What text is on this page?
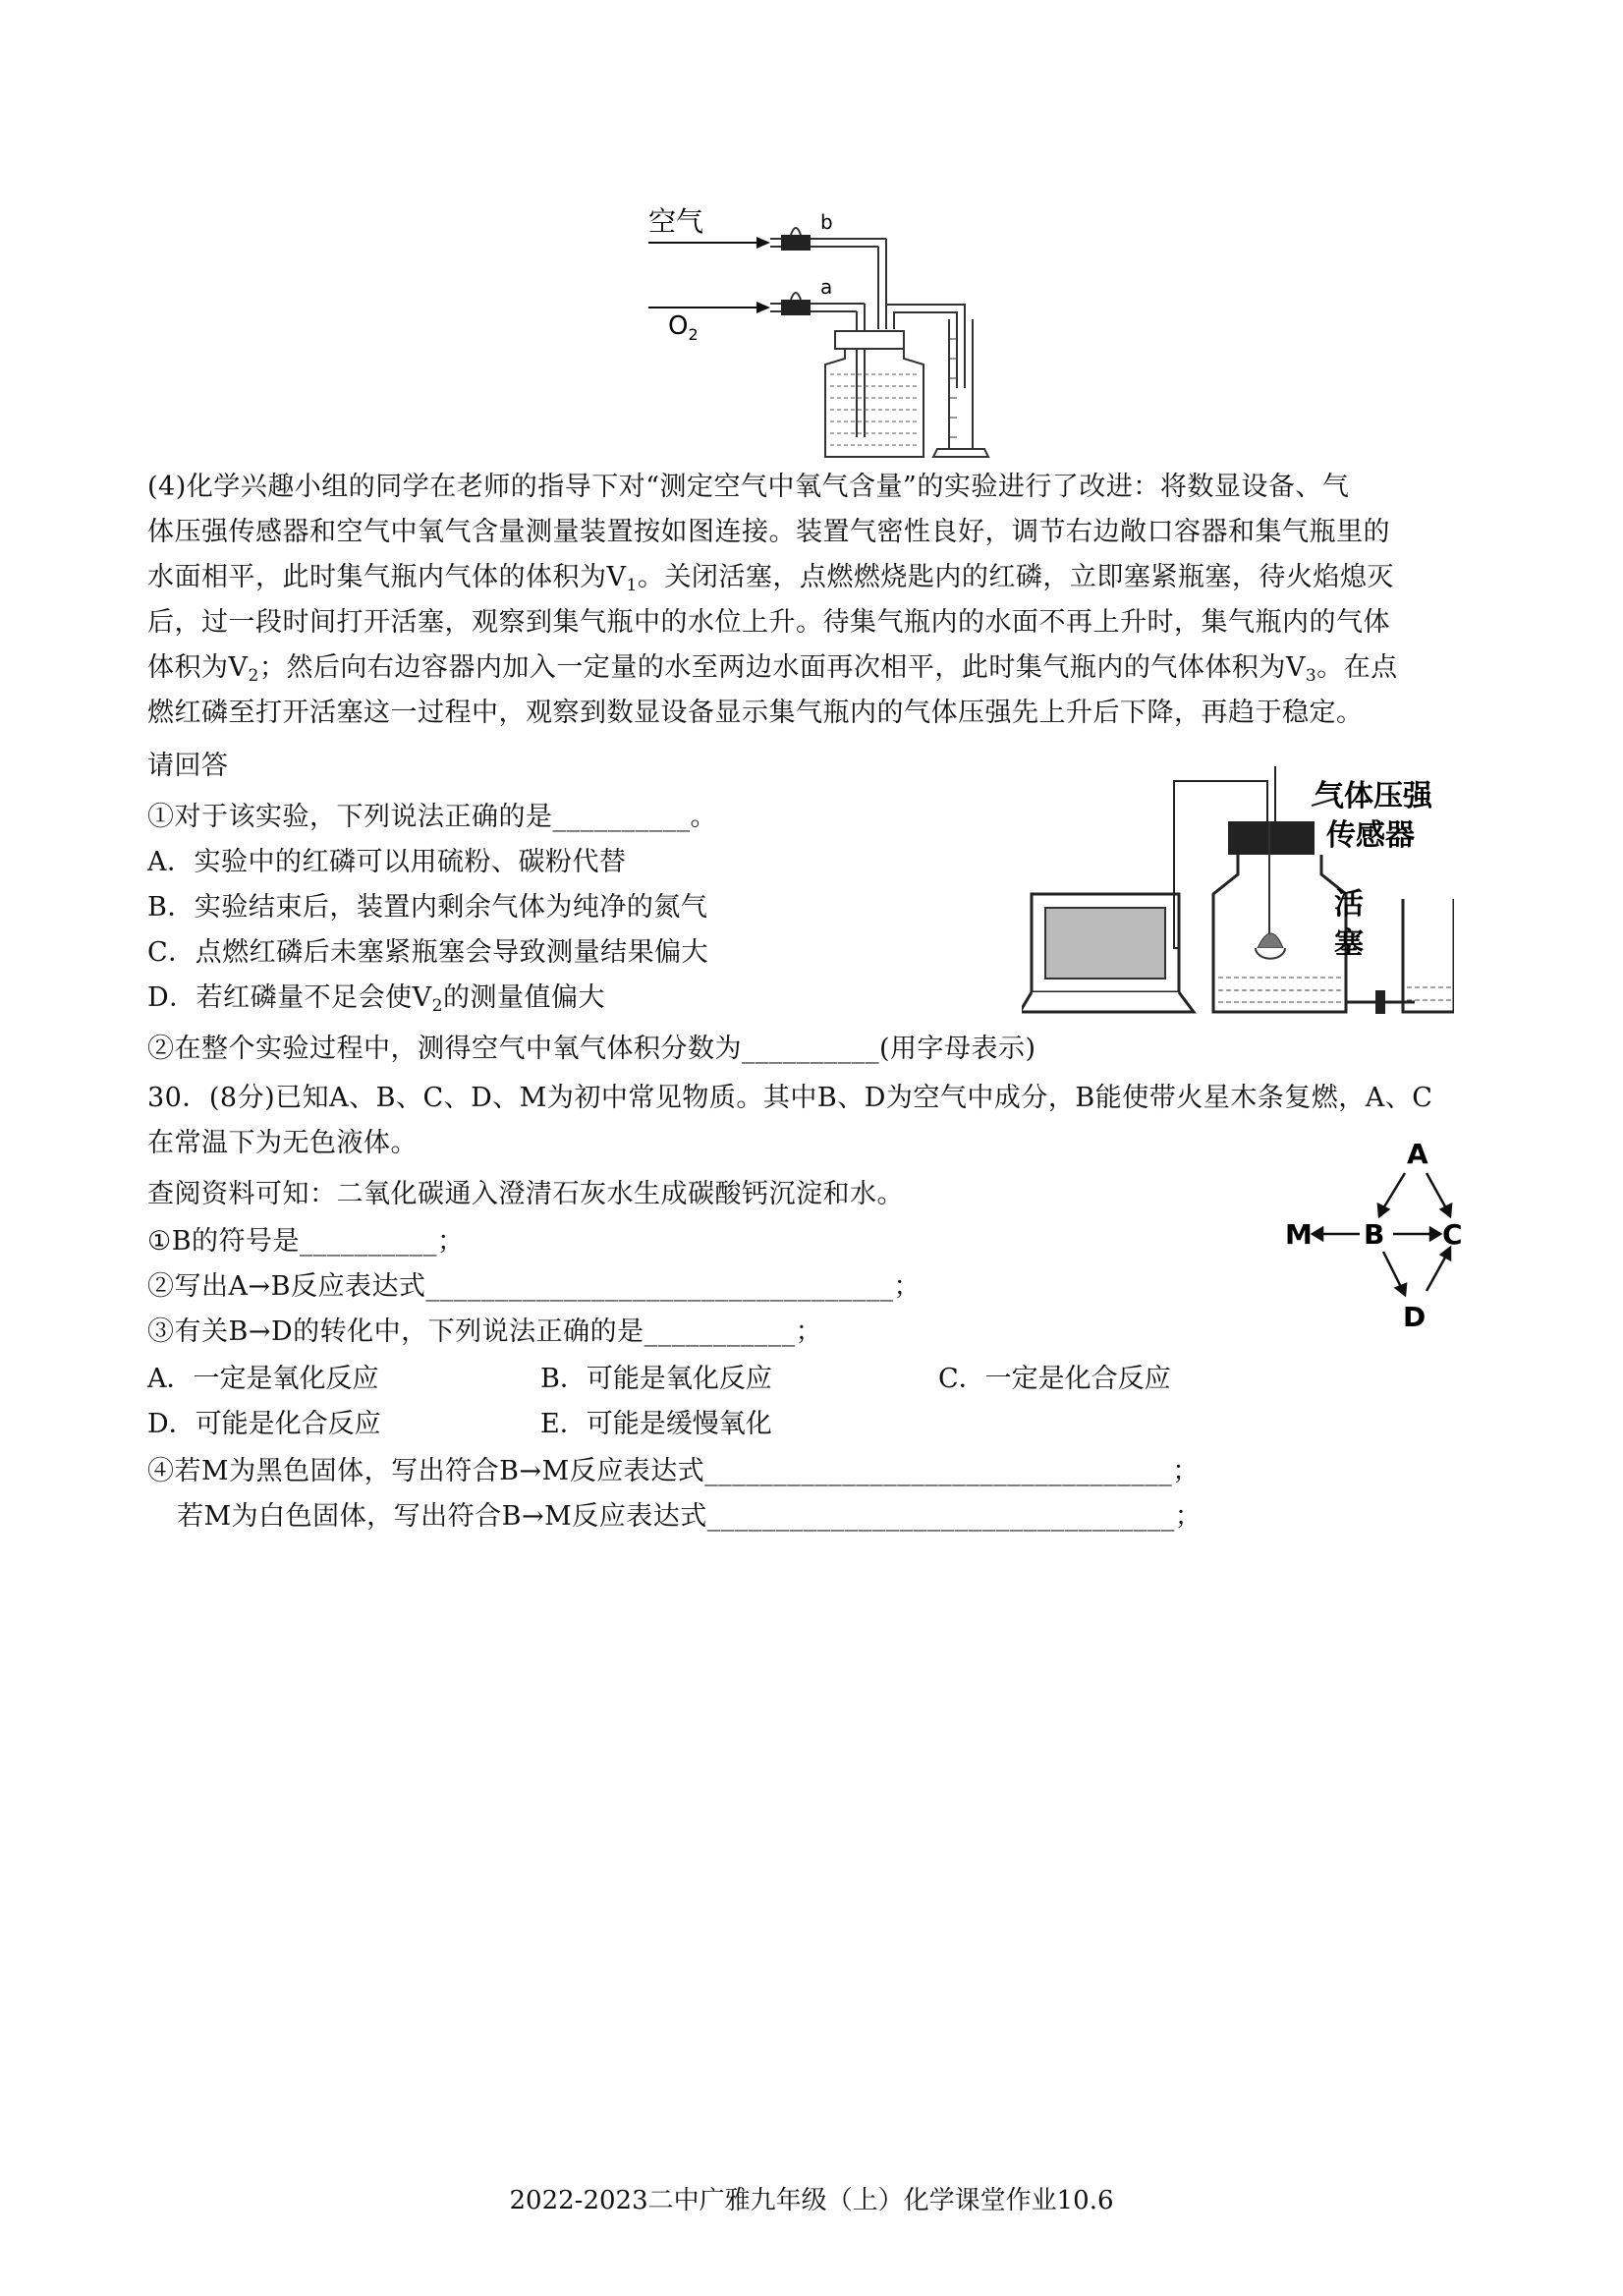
空气
$O_2$
b
a
(4)化学兴趣小组的同学在老师的指导下对“测定空气中氧气含量”的实验进行了改进：将数显设备、气
体压强传感器和空气中氧气含量测量装置按如图连接。装置气密性良好，调节右边敞口容器和集气瓶里的
水面相平，此时集气瓶内气体的体积为$V_1$。关闭活塞，点燃燃烧匙内的红磷，立即塞紧瓶塞，待火焰熄灭
后，过一段时间打开活塞，观察到集气瓶中的水位上升。待集气瓶内的水面不再上升时，集气瓶内的气体
体积为$V_2$；然后向右边容器内加入一定量的水至两边水面再次相平，此时集气瓶内的气体体积为$V_3$。在点
燃红磷至打开活塞这一过程中，观察到数显设备显示集气瓶内的气体压强先上升后下降，再趋于稳定。
请回答
①对于该实验，下列说法正确的是__________。
A．实验中的红磷可以用硫粉、碳粉代替
B．实验结束后，装置内剩余气体为纯净的氮气
C．点燃红磷后未塞紧瓶塞会导致测量结果偏大
D．若红磷量不足会使$V_2$的测量值偏大
②在整个实验过程中，测得空气中氧气体积分数为__________(用字母表示)
气体压强
传感器
活
塞
30．(8分)已知A、B、C、D、M为初中常见物质。其中B、D为空气中成分，B能使带火星木条复燃，A、C
在常温下为无色液体。
查阅资料可知：二氧化碳通入澄清石灰水生成碳酸钙沉淀和水。
①B的符号是__________；
②写出A→B反应表达式__________________________________；
③有关B→D的转化中，下列说法正确的是___________；
A．一定是氧化反应	B．可能是氧化反应	C．一定是化合反应
D．可能是化合反应	E．可能是缓慢氧化
④若M为黑色固体，写出符合B→M反应表达式__________________________________；
若M为白色固体，写出符合B→M反应表达式__________________________________；
A
M B C
D
2022-2023二中广雅九年级（上）化学课堂作业10.6
